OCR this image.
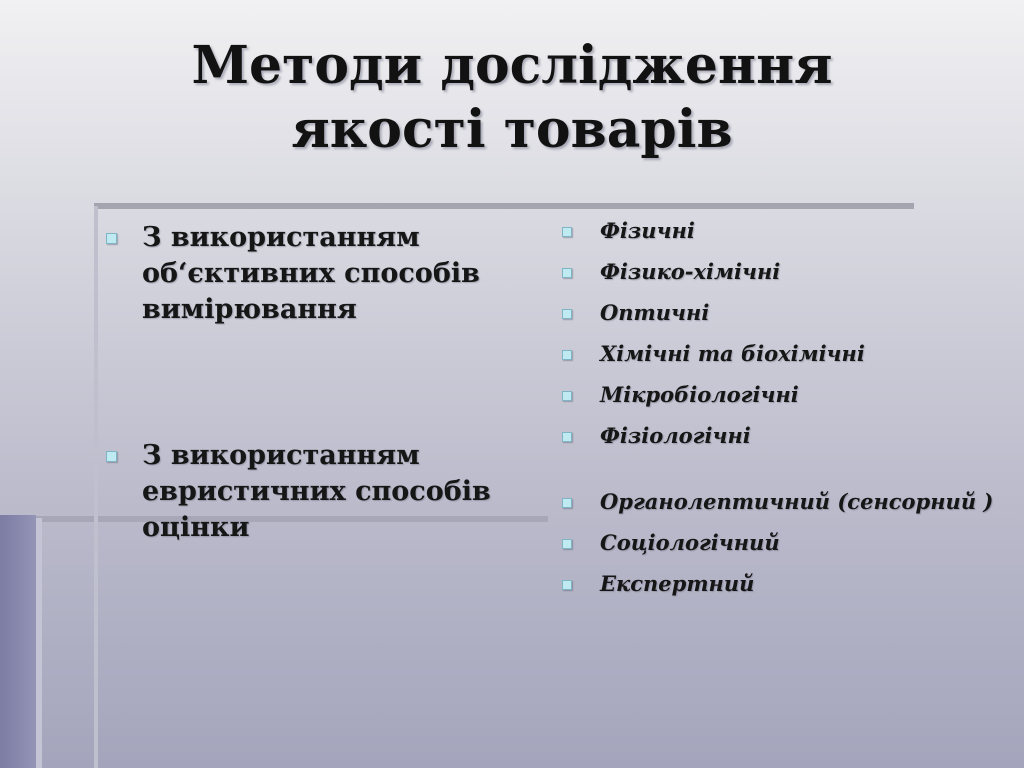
Методи дослідження
якості товарів
З використанням об‘єктивних способів вимірювання
З використанням евристичних способів оцінки
Фізичні
Фізико-хімічні
Оптичні
Хімічні та біохімічні
Мікробіологічні
Фізіологічні
Органолептичний (сенсорний )
Соціологічний
Експертний
